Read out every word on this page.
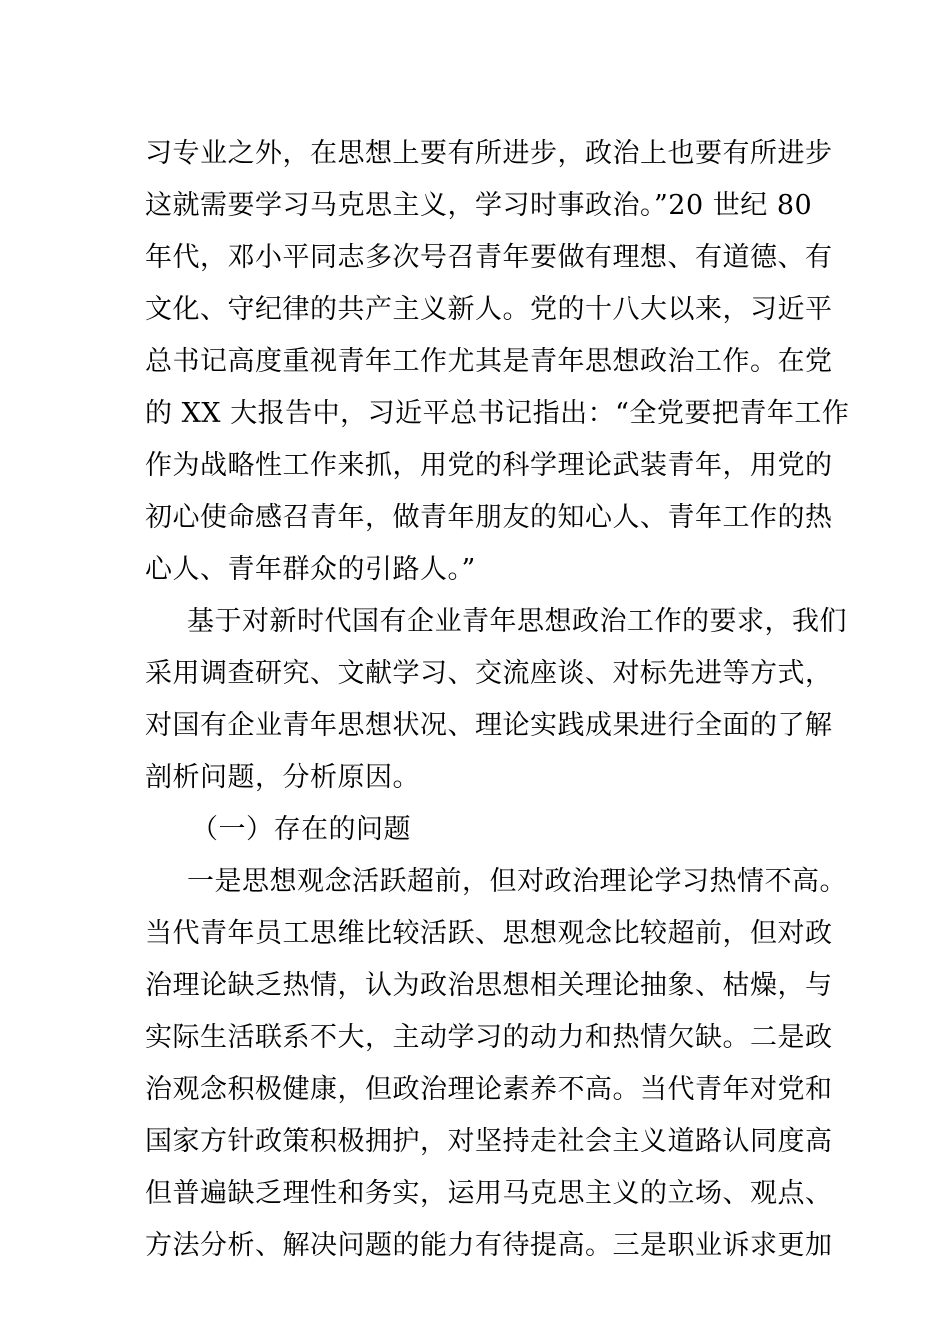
习专业之外，在思想上要有所进步，政治上也要有所进步
这就需要学习马克思主义，学习时事政治。”20 世纪 80
年代，邓小平同志多次号召青年要做有理想、有道德、有
文化、守纪律的共产主义新人。党的十八大以来，习近平
总书记高度重视青年工作尤其是青年思想政治工作。在党
的 XX 大报告中，习近平总书记指出：“全党要把青年工作
作为战略性工作来抓，用党的科学理论武装青年，用党的
初心使命感召青年，做青年朋友的知心人、青年工作的热
心人、青年群众的引路人。”
基于对新时代国有企业青年思想政治工作的要求，我们
采用调查研究、文献学习、交流座谈、对标先进等方式，
对国有企业青年思想状况、理论实践成果进行全面的了解
剖析问题，分析原因。
（一）存在的问题
一是思想观念活跃超前，但对政治理论学习热情不高。
当代青年员工思维比较活跃、思想观念比较超前，但对政
治理论缺乏热情，认为政治思想相关理论抽象、枯燥，与
实际生活联系不大，主动学习的动力和热情欠缺。二是政
治观念积极健康，但政治理论素养不高。当代青年对党和
国家方针政策积极拥护，对坚持走社会主义道路认同度高
但普遍缺乏理性和务实，运用马克思主义的立场、观点、
方法分析、解决问题的能力有待提高。三是职业诉求更加
